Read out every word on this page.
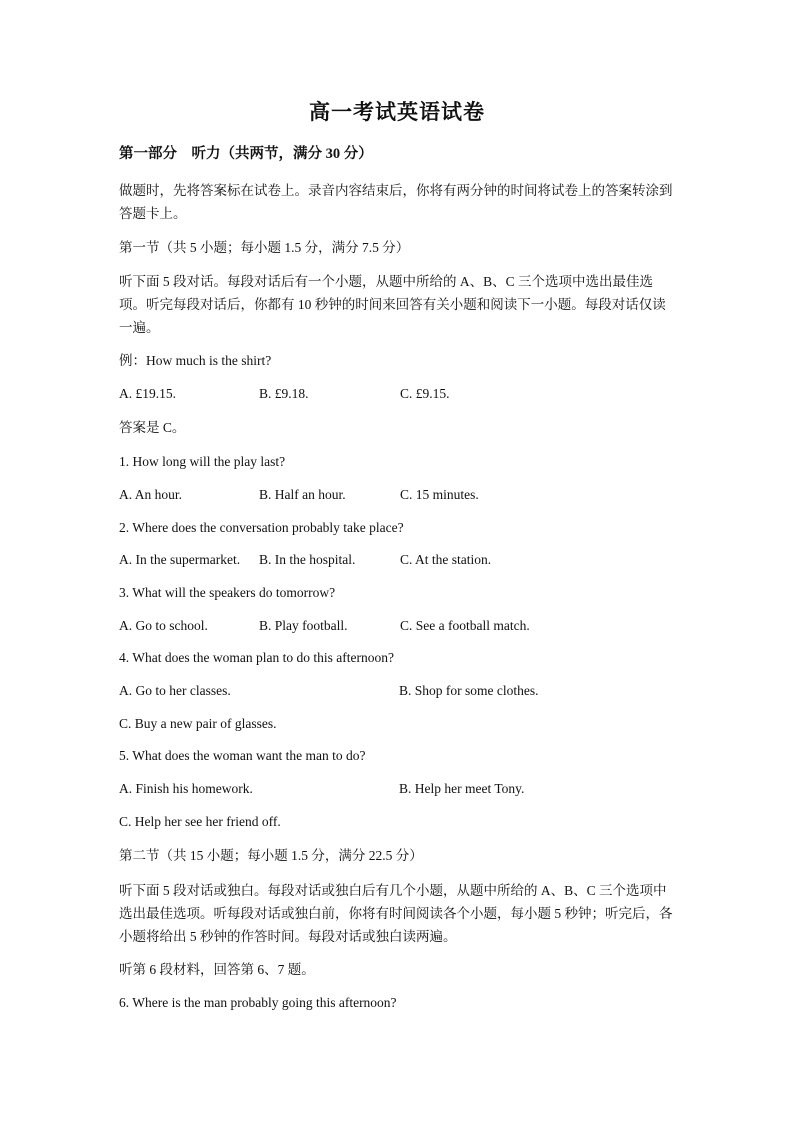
高一考试英语试卷

第一部分　听力（共两节，满分 30 分）

做题时，先将答案标在试卷上。录音内容结束后，你将有两分钟的时间将试卷上的答案转涂到答题卡上。

第一节（共 5 小题；每小题 1.5 分，满分 7.5 分）

听下面 5 段对话。每段对话后有一个小题，从题中所给的 A、B、C 三个选项中选出最佳选项。听完每段对话后，你都有 10 秒钟的时间来回答有关小题和阅读下一小题。每段对话仅读一遍。

例：How much is the shirt?
A. £19.15.	B. £9.18.	C. £9.15.
答案是 C。
1. How long will the play last?
A. An hour.	B. Half an hour.	C. 15 minutes.
2. Where does the conversation probably take place?
A. In the supermarket. B. In the hospital.	C. At the station.
3. What will the speakers do tomorrow?
A. Go to school.	B. Play football.	C. See a football match.
4. What does the woman plan to do this afternoon?
A. Go to her classes.	B. Shop for some clothes.
C. Buy a new pair of glasses.
5. What does the woman want the man to do?
A. Finish his homework.	B. Help her meet Tony.
C. Help her see her friend off.

第二节（共 15 小题；每小题 1.5 分，满分 22.5 分）

听下面 5 段对话或独白。每段对话或独白后有几个小题，从题中所给的 A、B、C 三个选项中选出最佳选项。听每段对话或独白前，你将有时间阅读各个小题，每小题 5 秒钟；听完后，各小题将给出 5 秒钟的作答时间。每段对话或独白读两遍。

听第 6 段材料，回答第 6、7 题。
6. Where is the man probably going this afternoon?
